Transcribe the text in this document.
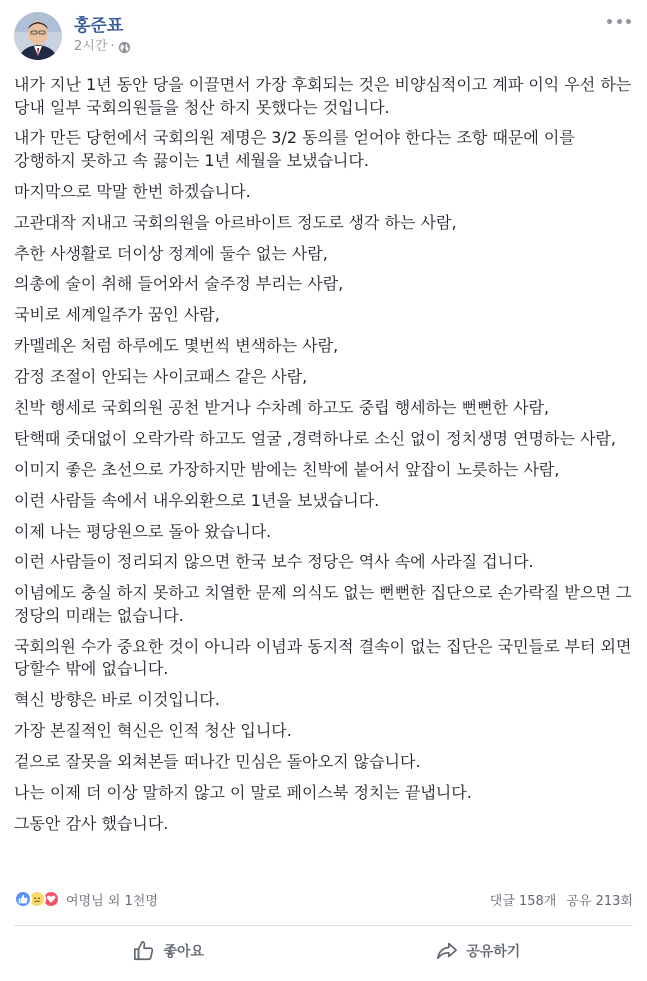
홍준표
2시간 ·

내가 지난 1년 동안 당을 이끌면서 가장 후회되는 것은 비양심적이고 계파 이익 우선 하는 당내 일부 국회의원들을 청산 하지 못했다는 것입니다.

내가 만든 당헌에서 국회의원 제명은 3/2 동의를 얻어야 한다는 조항 때문에 이를 강행하지 못하고 속 끓이는 1년 세월을 보냈습니다.

마지막으로 막말 한번 하겠습니다.

고관대작 지내고 국회의원을 아르바이트 정도로 생각 하는 사람,

추한 사생활로 더이상 정계에 둘수 없는 사람,

의총에 술이 취해 들어와서 술주정 부리는 사람,

국비로 세계일주가 꿈인 사람,

카멜레온 처럼 하루에도 몇번씩 변색하는 사람,

감정 조절이 안되는 사이코패스 같은 사람,

친박 행세로 국회의원 공천 받거나 수차례 하고도 중립 행세하는 뻔뻔한 사람,

탄핵때 줏대없이 오락가락 하고도 얼굴 ,경력하나로 소신 없이 정치생명 연명하는 사람,

이미지 좋은 초선으로 가장하지만 밤에는 친박에 붙어서 앞잡이 노릇하는 사람,

이런 사람들 속에서 내우외환으로 1년을 보냈습니다.

이제 나는 평당원으로 돌아 왔습니다.

이런 사람들이 정리되지 않으면 한국 보수 정당은 역사 속에 사라질 겁니다.

이념에도 충실 하지 못하고 치열한 문제 의식도 없는 뻔뻔한 집단으로 손가락질 받으면 그 정당의 미래는 없습니다.

국회의원 수가 중요한 것이 아니라 이념과 동지적 결속이 없는 집단은 국민들로 부터 외면 당할수 밖에 없습니다.

혁신 방향은 바로 이것입니다.

가장 본질적인 혁신은 인적 청산 입니다.

겉으로 잘못을 외쳐본들 떠나간 민심은 돌아오지 않습니다.

나는 이제 더 이상 말하지 않고 이 말로 페이스북 정치는 끝냅니다.

그동안 감사 했습니다.

여명님 외 1천명	댓글 158개 공유 213회
좋아요	공유하기
